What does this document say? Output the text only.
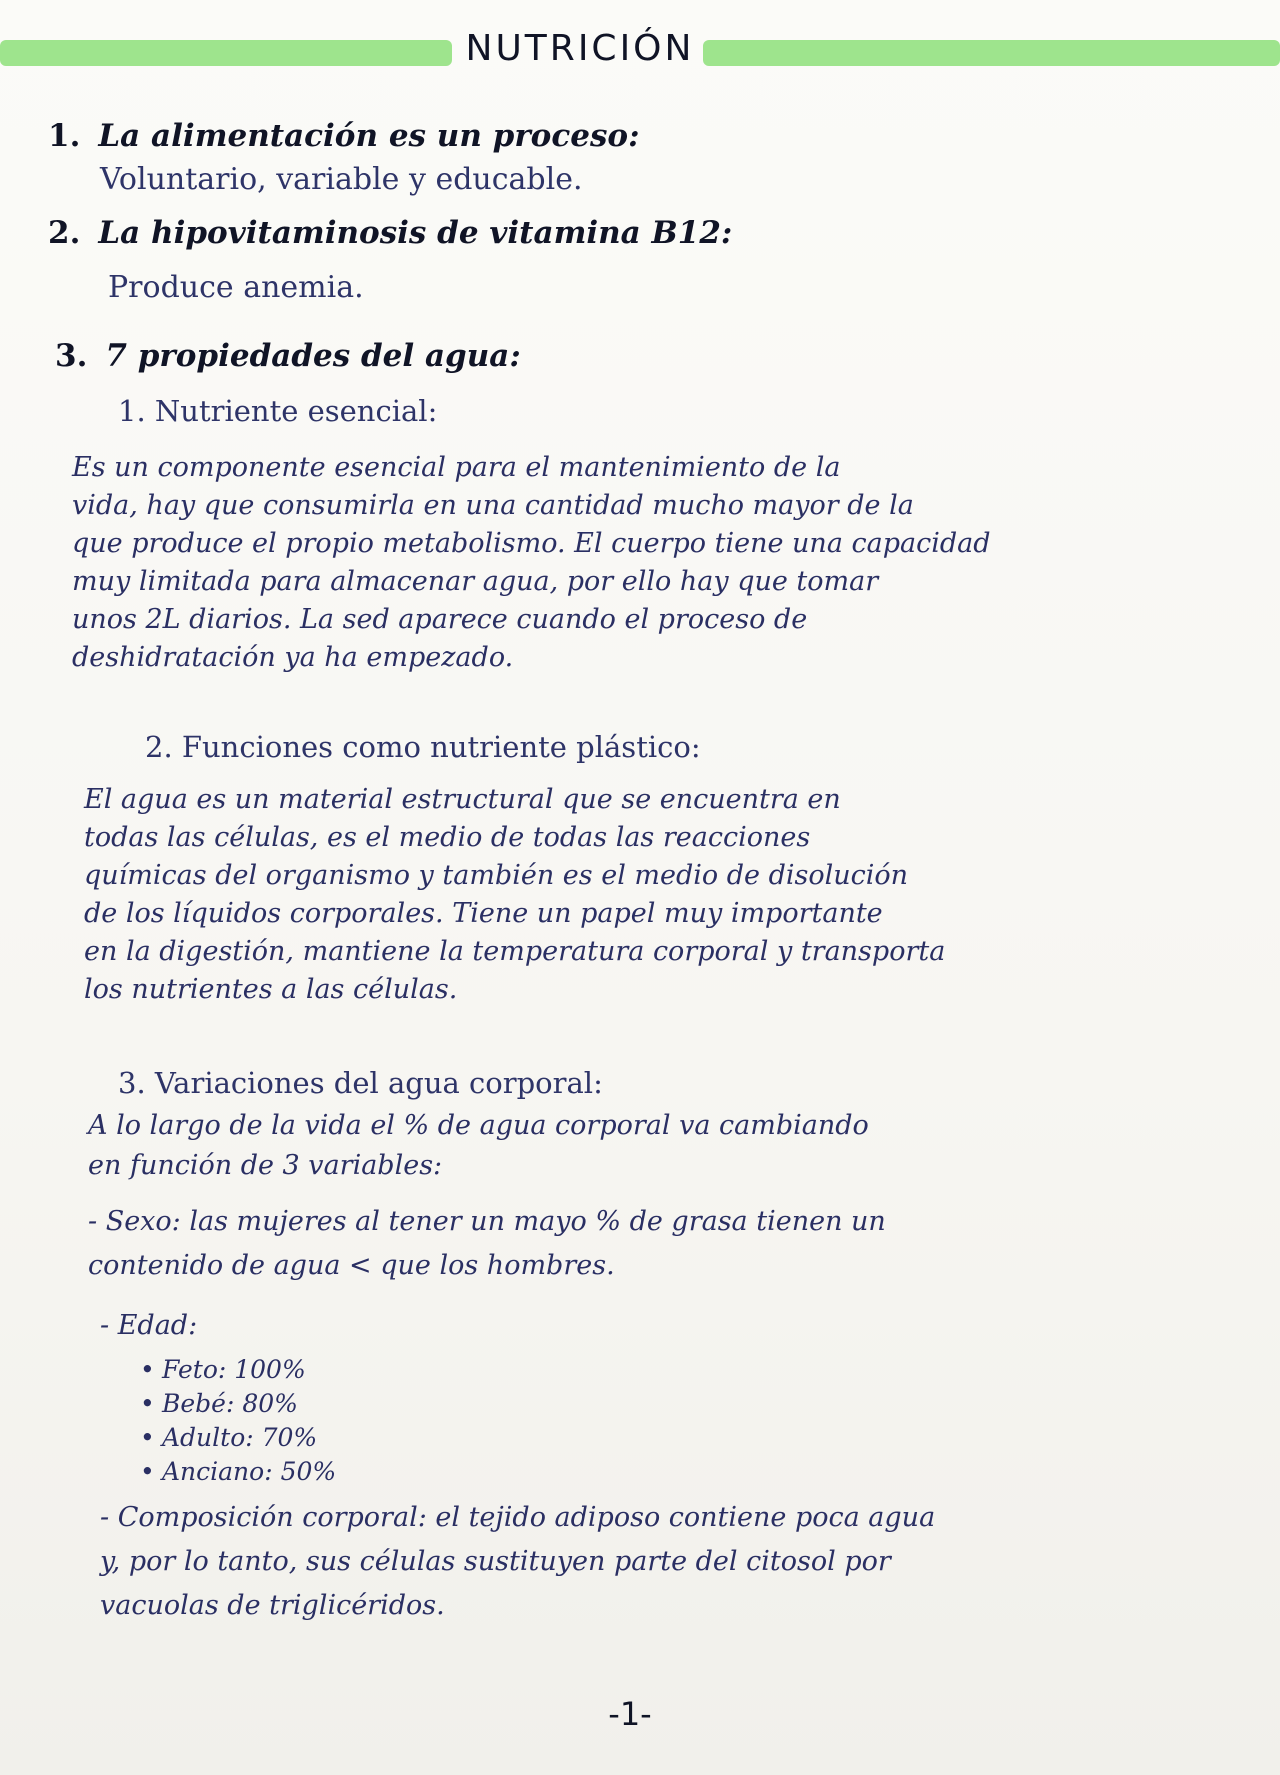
NUTRICIÓN
1. La alimentación es un proceso:
Voluntario, variable y educable.
2. La hipovitaminosis de vitamina B12:
Produce anemia.
3. 7 propiedades del agua:
1. Nutriente esencial:
Es un componente esencial para el mantenimiento de la
vida, hay que consumirla en una cantidad mucho mayor de la
que produce el propio metabolismo. El cuerpo tiene una capacidad
muy limitada para almacenar agua, por ello hay que tomar
unos 2L diarios. La sed aparece cuando el proceso de
deshidratación ya ha empezado.
2. Funciones como nutriente plástico:
El agua es un material estructural que se encuentra en
todas las células, es el medio de todas las reacciones
químicas del organismo y también es el medio de disolución
de los líquidos corporales. Tiene un papel muy importante
en la digestión, mantiene la temperatura corporal y transporta
los nutrientes a las células.
3. Variaciones del agua corporal:
A lo largo de la vida el % de agua corporal va cambiando
en función de 3 variables:
- Sexo: las mujeres al tener un mayo % de grasa tienen un
contenido de agua < que los hombres.
- Edad:
• Feto: 100%
• Bebé: 80%
• Adulto: 70%
• Anciano: 50%
- Composición corporal: el tejido adiposo contiene poca agua
y, por lo tanto, sus células sustituyen parte del citosol por
vacuolas de triglicéridos.
-1-
